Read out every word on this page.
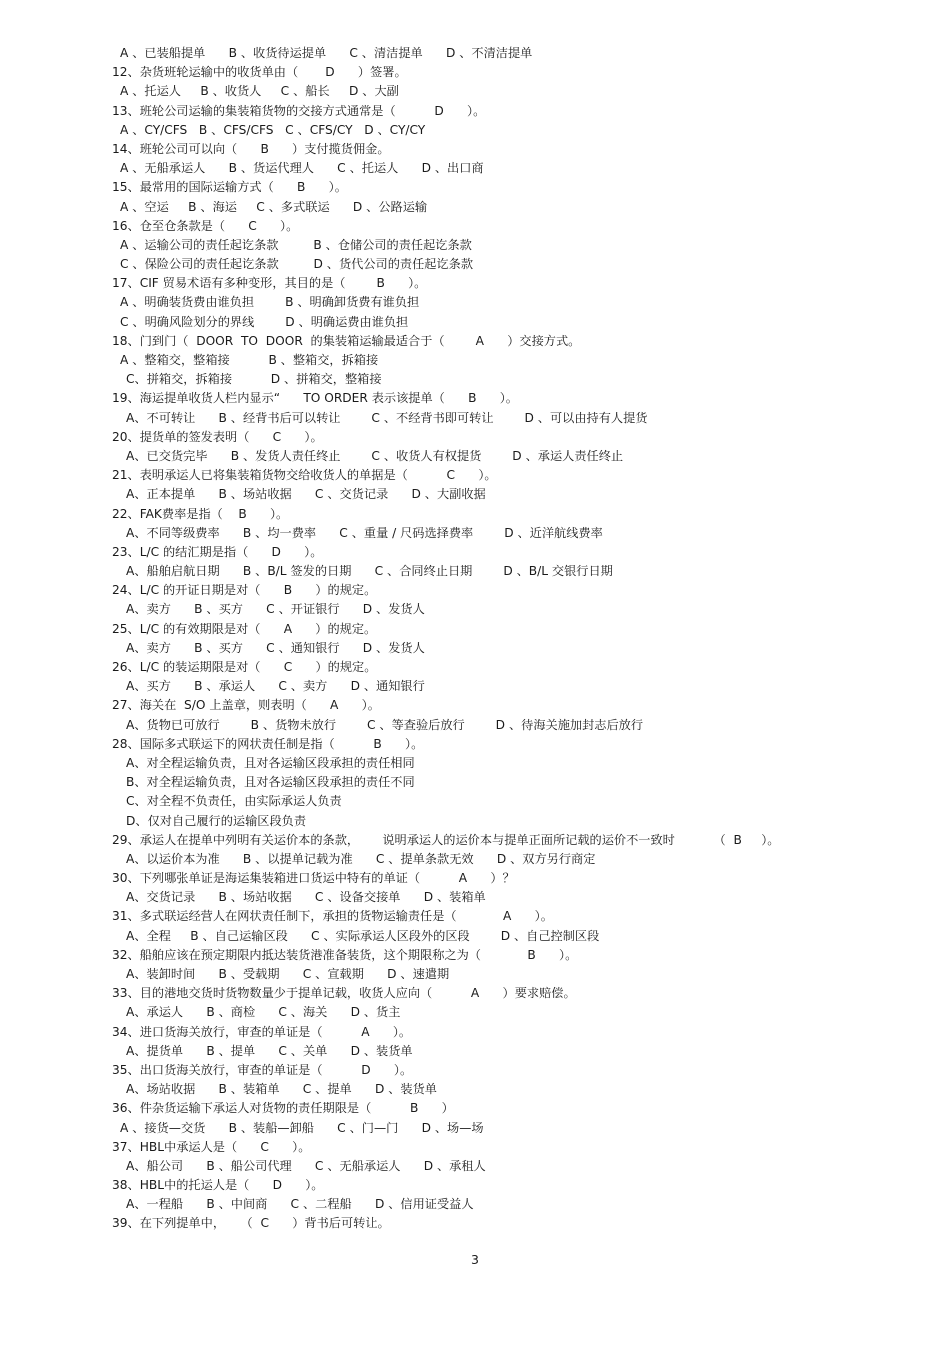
A 、已装船提单      B 、收货待运提单      C 、清洁提单      D 、不清洁提单
12、杂货班轮运输中的收货单由（       D      ）签署。
A 、托运人     B 、收货人     C 、船长     D 、大副
13、班轮公司运输的集装箱货物的交接方式通常是（          D      ）。
A 、CY/CFS   B 、CFS/CFS   C 、CFS/CY   D 、CY/CY
14、班轮公司可以向（      B      ）支付揽货佣金。
A 、无船承运人      B 、货运代理人      C 、托运人      D 、出口商
15、最常用的国际运输方式（      B      ）。
A 、空运     B 、海运     C 、多式联运      D 、公路运输
16、仓至仓条款是（      C      ）。
A 、运输公司的责任起讫条款         B 、仓储公司的责任起讫条款
C 、保险公司的责任起讫条款         D 、货代公司的责任起讫条款
17、CIF 贸易术语有多种变形，其目的是（        B      ）。
A 、明确装货费由谁负担        B 、明确卸货费有谁负担
C 、明确风险划分的界线        D 、明确运费由谁负担
18、门到门（  DOOR  TO  DOOR  的集装箱运输最适合于（        A      ）交接方式。
A 、整箱交，整箱接          B 、整箱交，拆箱接
C、拼箱交，拆箱接          D 、拼箱交，整箱接
19、海运提单收货人栏内显示“      TO ORDER 表示该提单（      B      ）。
A、不可转让      B 、经背书后可以转让        C 、不经背书即可转让        D 、可以由持有人提货
20、提货单的签发表明（      C      ）。
A、已交货完毕      B 、发货人责任终止        C 、收货人有权提货        D 、承运人责任终止
21、表明承运人已将集装箱货物交给收货人的单据是（          C      ）。
A、正本提单      B 、场站收据      C 、交货记录      D 、大副收据
22、FAK费率是指（    B      ）。
A、不同等级费率      B 、均一费率      C 、重量 / 尺码选择费率        D 、近洋航线费率
23、L/C 的结汇期是指（      D      ）。
A、船舶启航日期      B 、B/L 签发的日期      C 、合同终止日期        D 、B/L 交银行日期
24、L/C 的开证日期是对（      B      ）的规定。
A、卖方      B 、买方      C 、开证银行      D 、发货人
25、L/C 的有效期限是对（      A      ）的规定。
A、卖方      B 、买方      C 、通知银行      D 、发货人
26、L/C 的装运期限是对（      C      ）的规定。
A、买方      B 、承运人      C 、卖方      D 、通知银行
27、海关在  S/O 上盖章，则表明（      A      ）。
A、货物已可放行        B 、货物未放行        C 、等查验后放行        D 、待海关施加封志后放行
28、国际多式联运下的网状责任制是指（          B      ）。
A、对全程运输负责，且对各运输区段承担的责任相同
B、对全程运输负责，且对各运输区段承担的责任不同
C、对全程不负责任，由实际承运人负责
D、仅对自己履行的运输区段负责
29、承运人在提单中列明有关运价本的条款，      说明承运人的运价本与提单正面所记载的运价不一致时          （  B     ）。
A、以运价本为准      B 、以提单记载为准      C 、提单条款无效      D 、双方另行商定
30、下列哪张单证是海运集装箱进口货运中特有的单证（          A      ）？
A、交货记录      B 、场站收据      C 、设备交接单      D 、装箱单
31、多式联运经营人在网状责任制下，承担的货物运输责任是（            A      ）。
A、全程     B 、自己运输区段      C 、实际承运人区段外的区段        D 、自己控制区段
32、船舶应该在预定期限内抵达装货港准备装货，这个期限称之为（            B      ）。
A、装卸时间      B 、受载期      C 、宣载期      D 、速遣期
33、目的港地交货时货物数量少于提单记载，收货人应向（          A      ）要求赔偿。
A、承运人      B 、商检      C 、海关      D 、货主
34、进口货海关放行，审查的单证是（          A      ）。
A、提货单      B 、提单      C 、关单      D 、装货单
35、出口货海关放行，审查的单证是（          D      ）。
A、场站收据      B 、装箱单      C 、提单      D 、装货单
36、件杂货运输下承运人对货物的责任期限是（          B      ）
A 、接货—交货      B 、装船—卸船      C 、门—门      D 、场—场
37、HBL中承运人是（      C      ）。
A、船公司      B 、船公司代理      C 、无船承运人      D 、承租人
38、HBL中的托运人是（      D      ）。
A、一程船      B 、中间商      C 、二程船      D 、信用证受益人
39、在下列提单中，    （  C      ）背书后可转让。
3
